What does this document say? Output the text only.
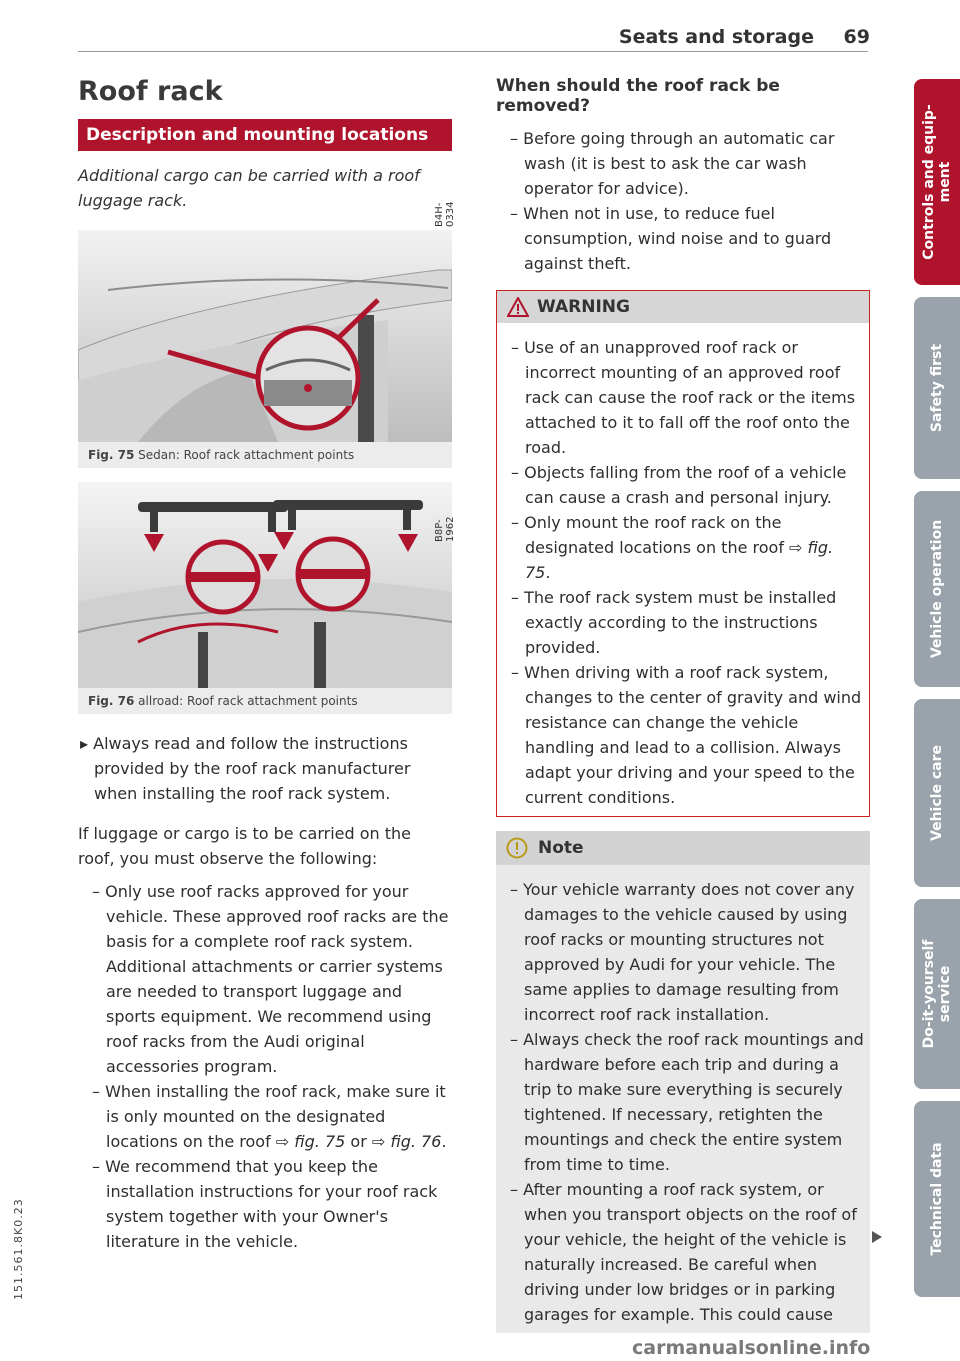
Seats and storage 69
Roof rack
Description and mounting locations
Additional cargo can be carried with a roof luggage rack.
Fig. 75 Sedan: Roof rack attachment points
B4H-0334
Fig. 76 allroad: Roof rack attachment points
B8P-1962
▸ Always read and follow the instructions provided by the roof rack manufacturer when installing the roof rack system.
If luggage or cargo is to be carried on the roof, you must observe the following:
– Only use roof racks approved for your vehicle. These approved roof racks are the basis for a complete roof rack system. Additional attachments or carrier systems are needed to transport luggage and sports equipment. We recommend using roof racks from the Audi original accessories program.
– When installing the roof rack, make sure it is only mounted on the designated locations on the roof ⇨ fig. 75 or ⇨ fig. 76.
– We recommend that you keep the installation instructions for your roof rack system together with your Owner's literature in the vehicle.
When should the roof rack be removed?
– Before going through an automatic car wash (it is best to ask the car wash operator for advice).
– When not in use, to reduce fuel consumption, wind noise and to guard against theft.
WARNING
– Use of an unapproved roof rack or incorrect mounting of an approved roof rack can cause the roof rack or the items attached to it to fall off the roof onto the road.
– Objects falling from the roof of a vehicle can cause a crash and personal injury.
– Only mount the roof rack on the designated locations on the roof ⇨ fig. 75.
– The roof rack system must be installed exactly according to the instructions provided.
– When driving with a roof rack system, changes to the center of gravity and wind resistance can change the vehicle handling and lead to a collision. Always adapt your driving and your speed to the current conditions.
Note
– Your vehicle warranty does not cover any damages to the vehicle caused by using roof racks or mounting structures not approved by Audi for your vehicle. The same applies to damage resulting from incorrect roof rack installation.
– Always check the roof rack mountings and hardware before each trip and during a trip to make sure everything is securely tightened. If necessary, retighten the mountings and check the entire system from time to time.
– After mounting a roof rack system, or when you transport objects on the roof of your vehicle, the height of the vehicle is naturally increased. Be careful when driving under low bridges or in parking garages for example. This could cause
Controls and equip-
ment
Safety first
Vehicle operation
Vehicle care
Do-it-yourself
service
Technical data
151.561.8K0.23
carmanualsonline.info
